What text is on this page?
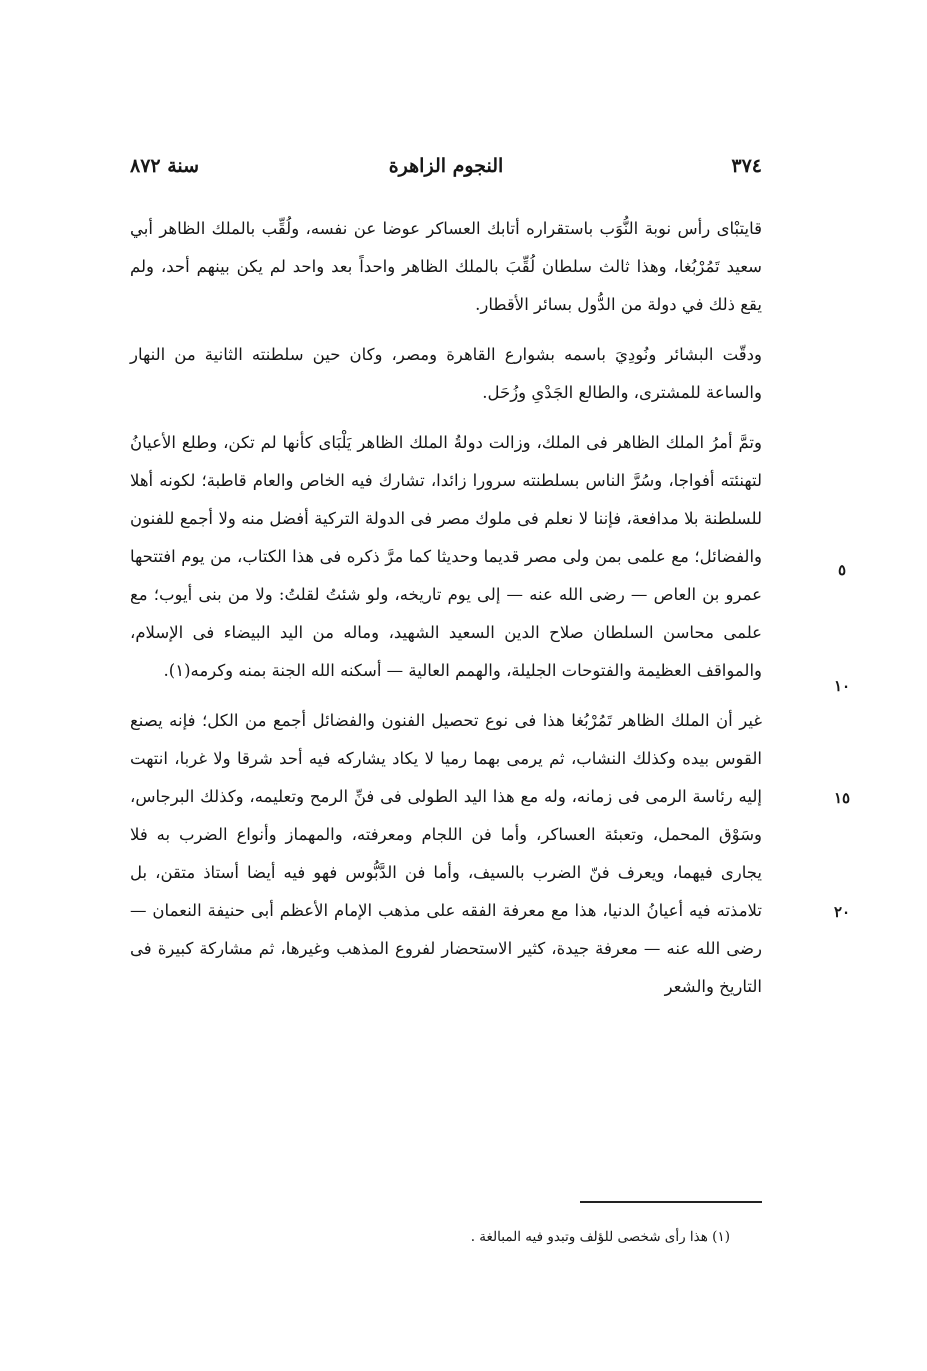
٣٧٤
النجوم الزاهرة
سنة ٨٧٢

قايتبْاى رأس نوبة النُّوَب باستقراره أتابك العساكر عوضا عن نفسه، ولُقِّب بالملك الظاهر أبي سعيد تَمُرْبُغا، وهذا ثالث سلطان لُقِّبَ بالملك الظاهر واحداً بعد واحد لم يكن بينهم أحد، ولم يقع ذلك في دولة من الدُّول بسائر الأقطار.

ودقّت البشائر ونُودِيَ باسمه بشوارع القاهرة ومصر، وكان حين سلطنته الثانية من النهار والساعة للمشترى، والطالع الجَدْىِ وزُحَل.
٥

وتمَّ أمرُ الملك الظاهر فى الملك، وزالت دولةُ الملك الظاهر يَلْبَاى كأنها لم تكن، وطلع الأعيانُ لتهنئته أفواجا، وسُرَّ الناس بسلطنته سرورا زائدا، تشارك فيه الخاص والعام قاطبة؛ لكونه أهلا للسلطنة بلا مدافعة، فإننا لا نعلم فى ملوك مصر فى الدولة التركية أفضل منه ولا أجمع للفنون والفضائل؛ مع علمى بمن ولى مصر قديما وحديثا كما مرَّ ذكره فى هذا الكتاب، من يوم افتتحها عمرو بن العاص — رضى الله عنه — إلى يوم تاريخه، ولو شئتُ لقلتُ: ولا من بنى أيوب؛ مع علمى محاسن السلطان صلاح الدين السعيد الشهيد، وماله من اليد البيضاء فى الإسلام، والمواقف العظيمة والفتوحات الجليلة، والهمم العالية — أسكنه الله الجنة بمنه وكرمه(١).
١٠

غير أن الملك الظاهر تَمُرْبُغا هذا فى نوع تحصيل الفنون والفضائل أجمع من الكل؛ فإنه يصنع القوس بيده وكذلك النشاب، ثم يرمى بهما رميا لا يكاد يشاركه فيه أحد شرقا ولا غربا، انتهت إليه رئاسة الرمى فى زمانه، وله مع هذا اليد الطولى فى فنِّ الرمح وتعليمه، وكذلك البرجاس، وسَوْق المحمل، وتعبئة العساكر، وأما فن اللجام ومعرفته، والمهماز وأنواع الضرب به فلا يجارى فيهما، ويعرف فنّ الضرب بالسيف، وأما فن الدَّبُّوس فهو فيه أيضا أستاذ متقن، بل تلامذته فيه أعيانُ الدنيا، هذا مع معرفة الفقه على مذهب الإمام الأعظم أبى حنيفة النعمان — رضى الله عنه — معرفة جيدة، كثير الاستحضار لفروع المذهب وغيرها، ثم مشاركة كبيرة فى التاريخ والشعر
١٥
٢٠

(١) هذا رأى شخصى للؤلف وتبدو فيه المبالغة .
